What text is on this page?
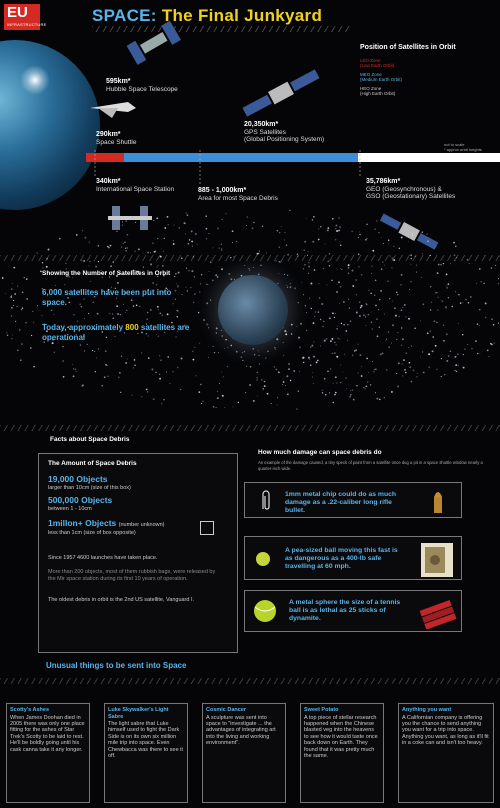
EU
INFRASTRUCTURE	SPACE: The Final Junkyard
595km*
Hubble Space Telescope
290km*
Space Shuttle
20,350km*
GPS Satellites
(Global Positioning System)
340km*
International Space Station	885 - 1,000km*
Area for most Space Debris
35,786km*
GEO (Geosynchronous) &
GSO (Geostationary) Satellites
Position of Satellites in Orbit
LEO Zone
(Low Earth Orbit)
MEO Zone
(Medium Earth Orbit)
HEO Zone
(High Earth Orbit)
not to scale
* approx orbit heights
Showing the Number of Satellites in Orbit
6,000 satellites have been put into space.
Today, approximately 800 satellites are operational
Facts about Space Debris
The Amount of Space Debris
19,000 Objects
larger than 10cm (size of this box)
500,000 Objects
between 1 - 10cm
1millon+ Objects (number unknown)
less than 1cm (size of box opposite)
Since 1957 4600 launches have taken place.
More than 200 objects, most of them rubbish bags, were released by the Mir space station during its first 10 years of operation.
The oldest debris in orbit is the 2nd US satellite, Vanguard I.
How much damage can space debris do
An example of the damage caused, a tiny speck of paint from a satellite once dug a pit in a space shuttle window nearly a quarter-inch wide.
1mm metal chip could do as much damage as a .22-caliber long rifle bullet.
A pea-sized ball moving this fast is as dangerous as a 400-lb safe travelling at 60 mph.
A metal sphere the size of a tennis ball is as lethal as 25 sticks of dynamite.
Unusual things to be sent into Space
Scotty's Ashes
When James Doohan died in 2005 there was only one place fitting for the ashes of Star Trek's Scotty to be laid to rest. He'll be boldly going until his cask canna take it any longer.
Luke Skywalker's Light Sabre
The light sabre that Luke himself used to fight the Dark Side is on its own six million mile trip into space. Even Chewbacca was there to see it off.
Cosmic Dancer
A sculpture was sent into space to "investigate ... the advantages of integrating art into the living and working environment".
Sweet Potato
A top piece of stellar research happened when the Chinese blasted veg into the heavens to see how it would taste once back down on Earth. They found that it was pretty much the same.
Anything you want
A Californian company is offering you the chance to send anything you want for a trip into space. Anything you want, as long as it'll fit in a coke can and isn't too heavy.
